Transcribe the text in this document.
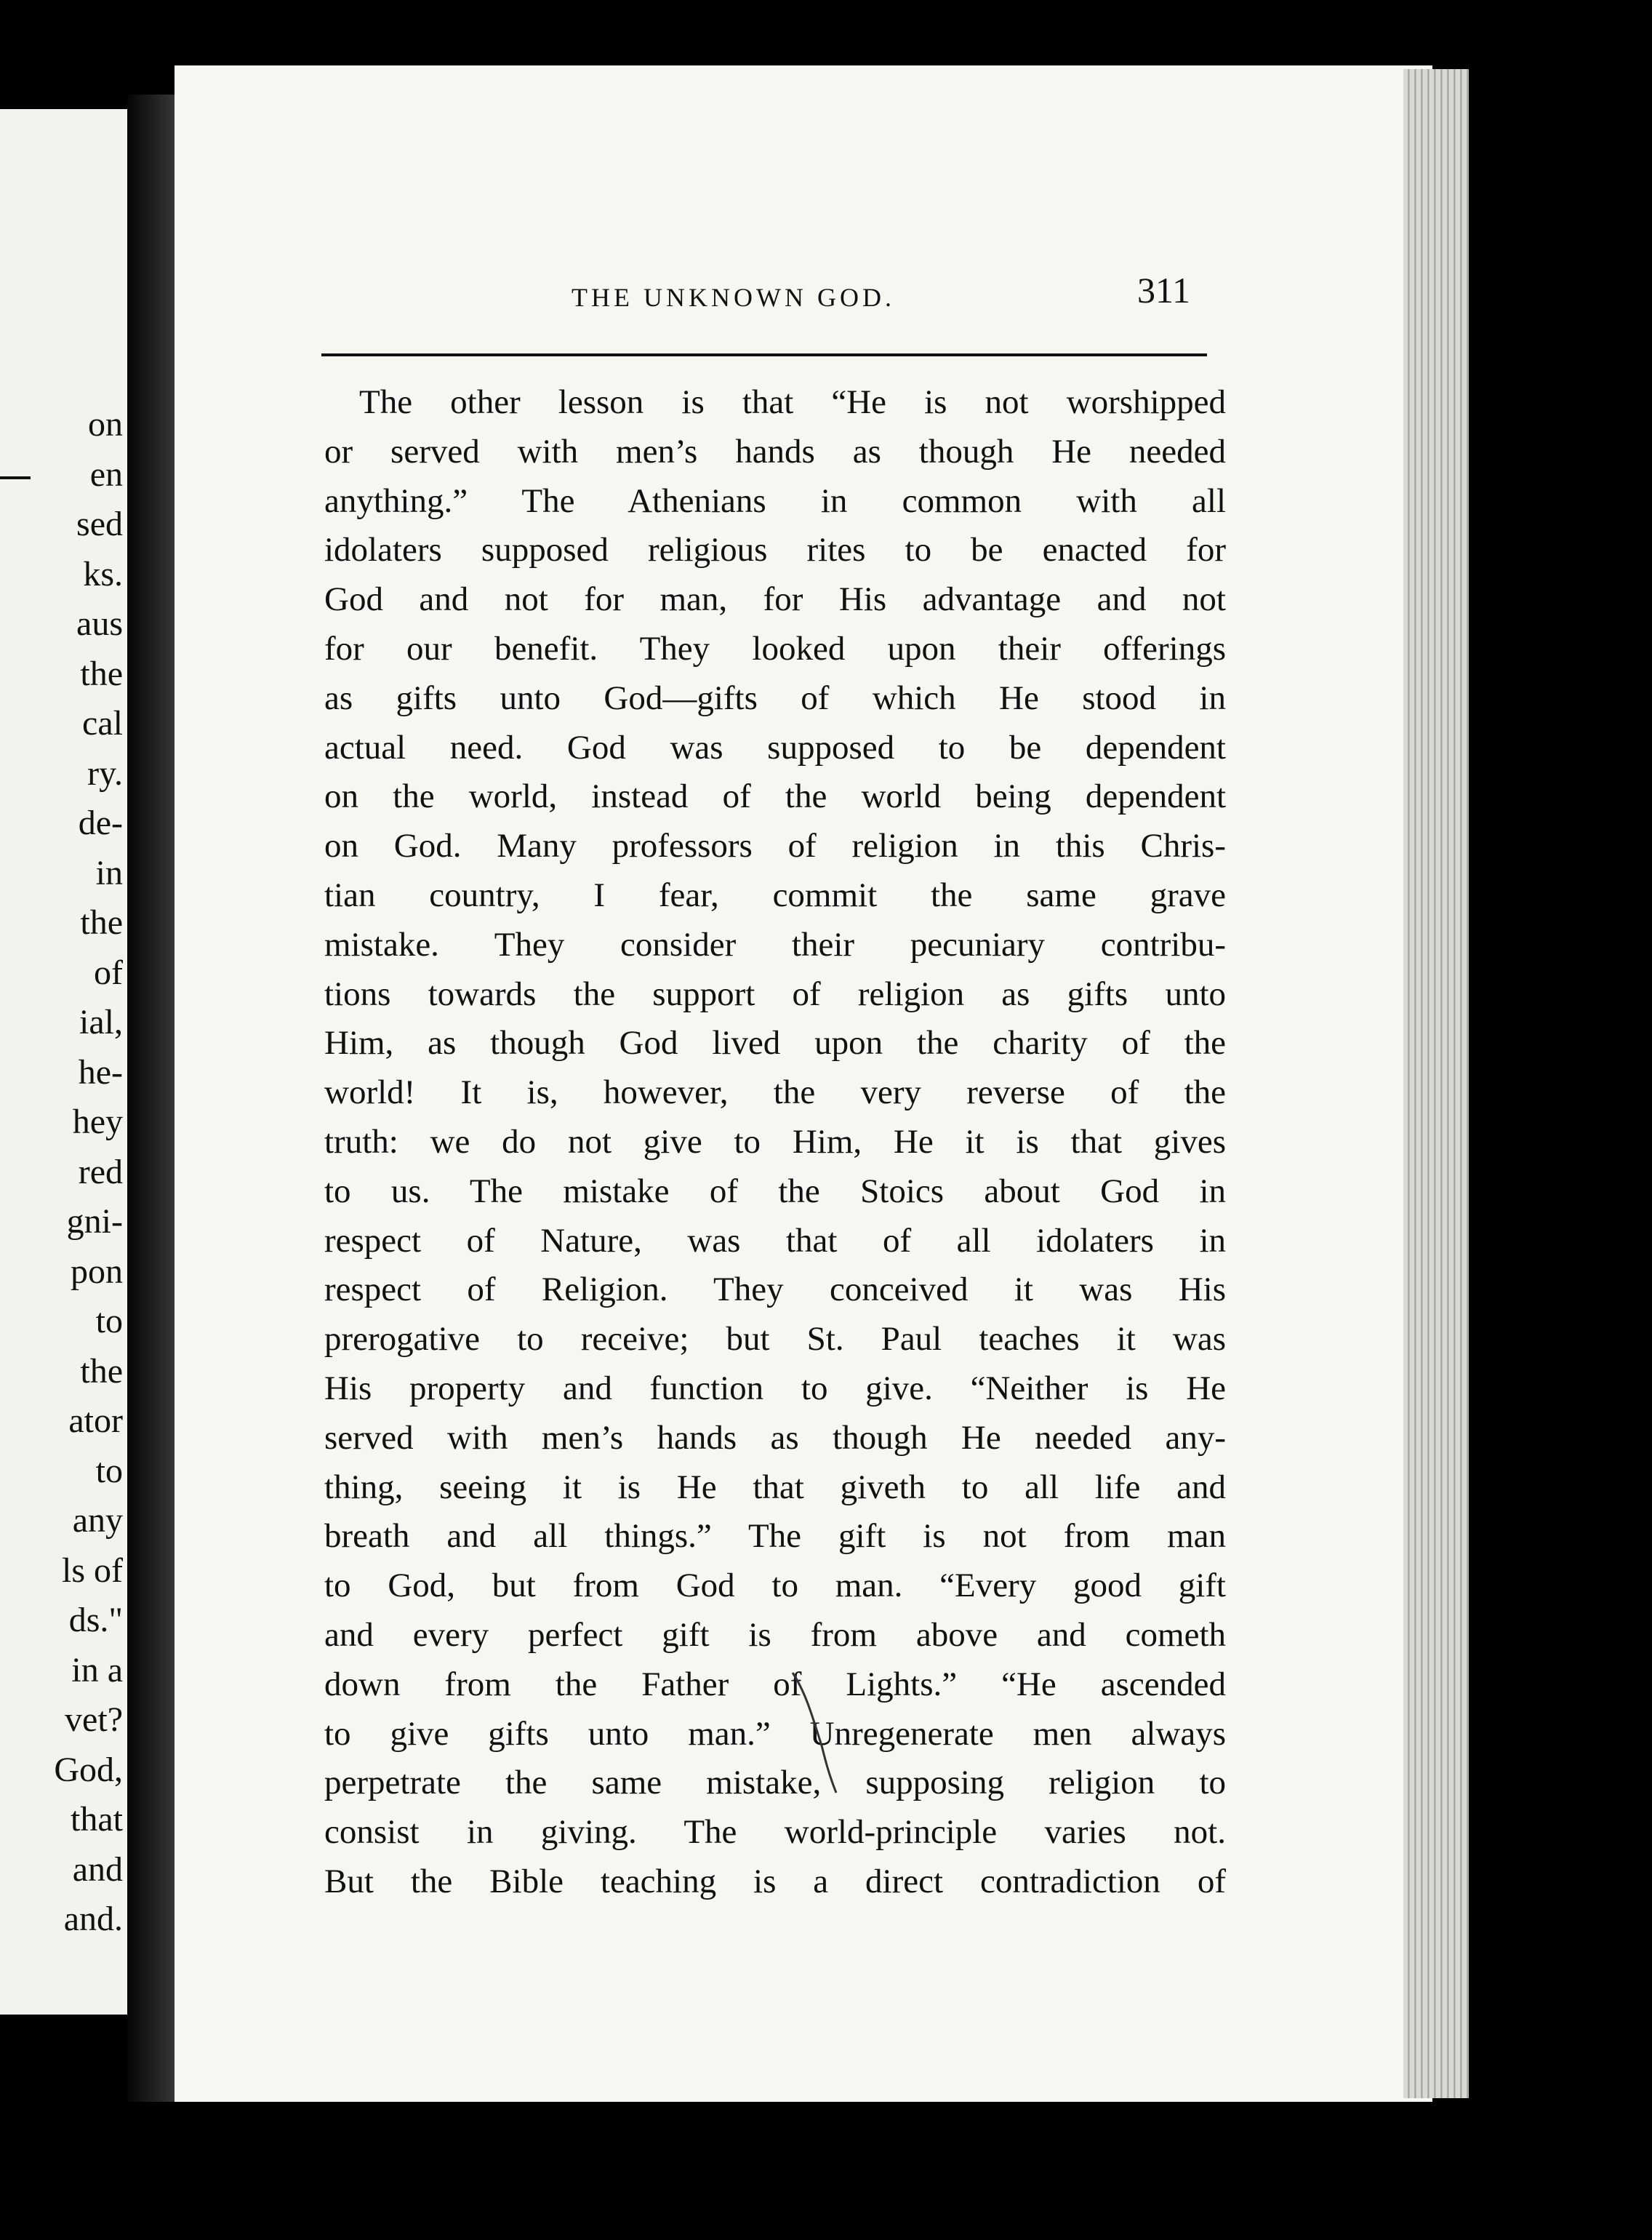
on
en
sed
ks.
aus
the
cal
ry.
de-
in
the
of
ial,
he-
hey
red
gni-
pon
to
the
ator
to
any
ls of
ds."
in a
vet?
God,
that
and
and.
THE UNKNOWN GOD.	311
The other lesson is that “He is not worshipped
or served with men’s hands as though He needed
anything.” The Athenians in common with all
idolaters supposed religious rites to be enacted for
God and not for man, for His advantage and not
for our benefit. They looked upon their offerings
as gifts unto God—gifts of which He stood in
actual need. God was supposed to be dependent
on the world, instead of the world being dependent
on God. Many professors of religion in this Chris-
tian country, I fear, commit the same grave
mistake. They consider their pecuniary contribu-
tions towards the support of religion as gifts unto
Him, as though God lived upon the charity of the
world! It is, however, the very reverse of the
truth: we do not give to Him, He it is that gives
to us. The mistake of the Stoics about God in
respect of Nature, was that of all idolaters in
respect of Religion. They conceived it was His
prerogative to receive; but St. Paul teaches it was
His property and function to give. “Neither is He
served with men’s hands as though He needed any-
thing, seeing it is He that giveth to all life and
breath and all things.” The gift is not from man
to God, but from God to man. “Every good gift
and every perfect gift is from above and cometh
down from the Father of Lights.” “He ascended
to give gifts unto man.” Unregenerate men always
perpetrate the same mistake, supposing religion to
consist in giving. The world-principle varies not.
But the Bible teaching is a direct contradiction of
